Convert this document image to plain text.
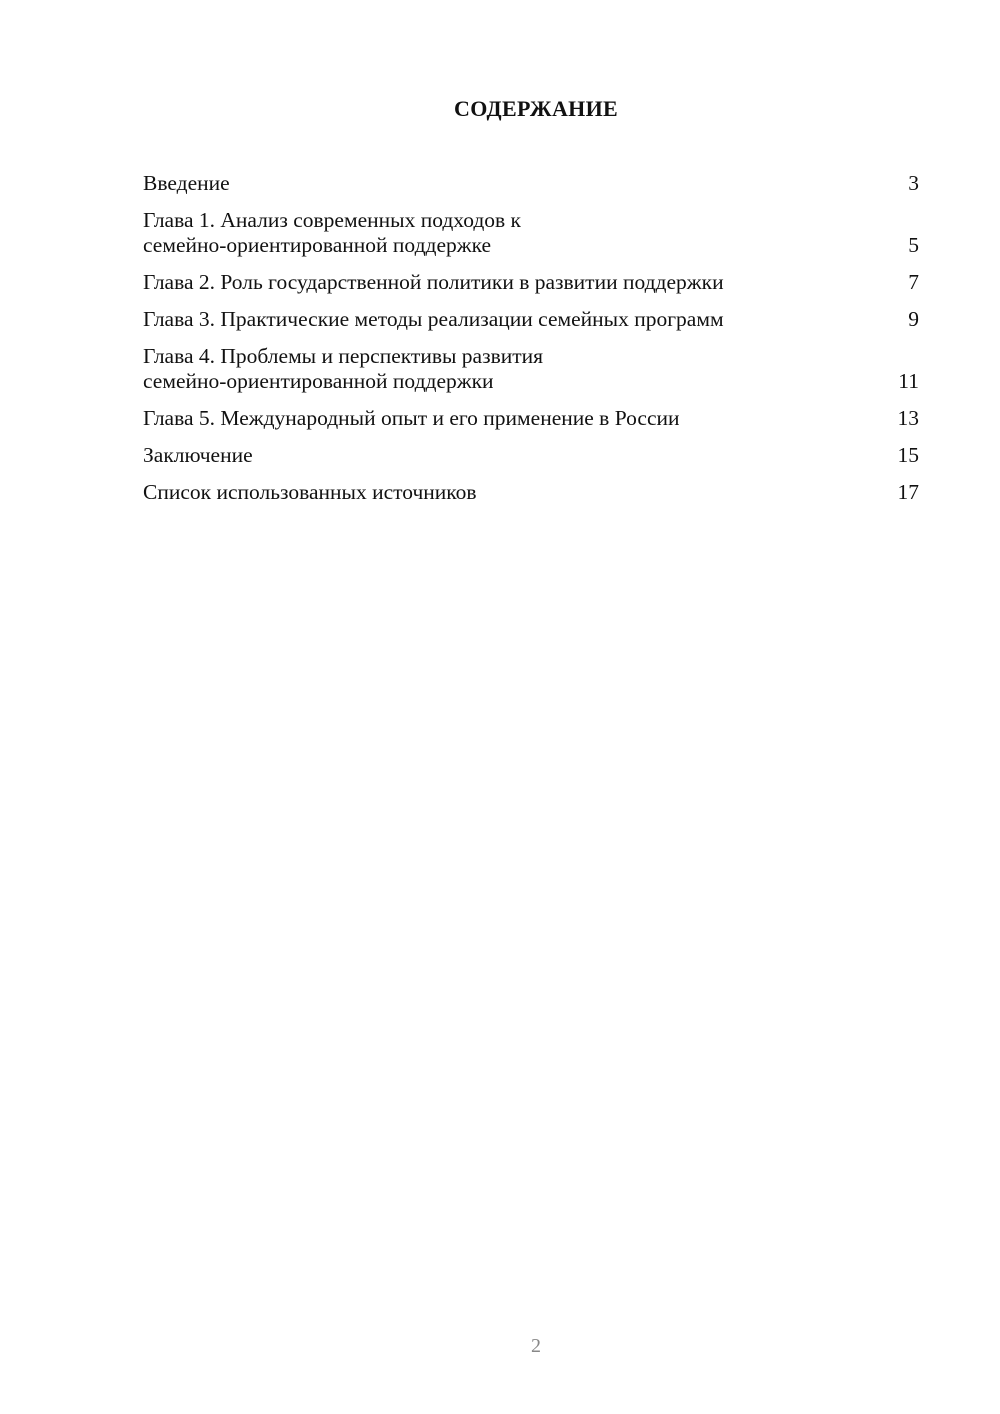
СОДЕРЖАНИЕ
Введение	3
Глава 1. Анализ современных подходов к
семейно-ориентированной поддержке	5
Глава 2. Роль государственной политики в развитии поддержки	7
Глава 3. Практические методы реализации семейных программ	9
Глава 4. Проблемы и перспективы развития
семейно-ориентированной поддержки	11
Глава 5. Международный опыт и его применение в России	13
Заключение	15
Список использованных источников	17
2
